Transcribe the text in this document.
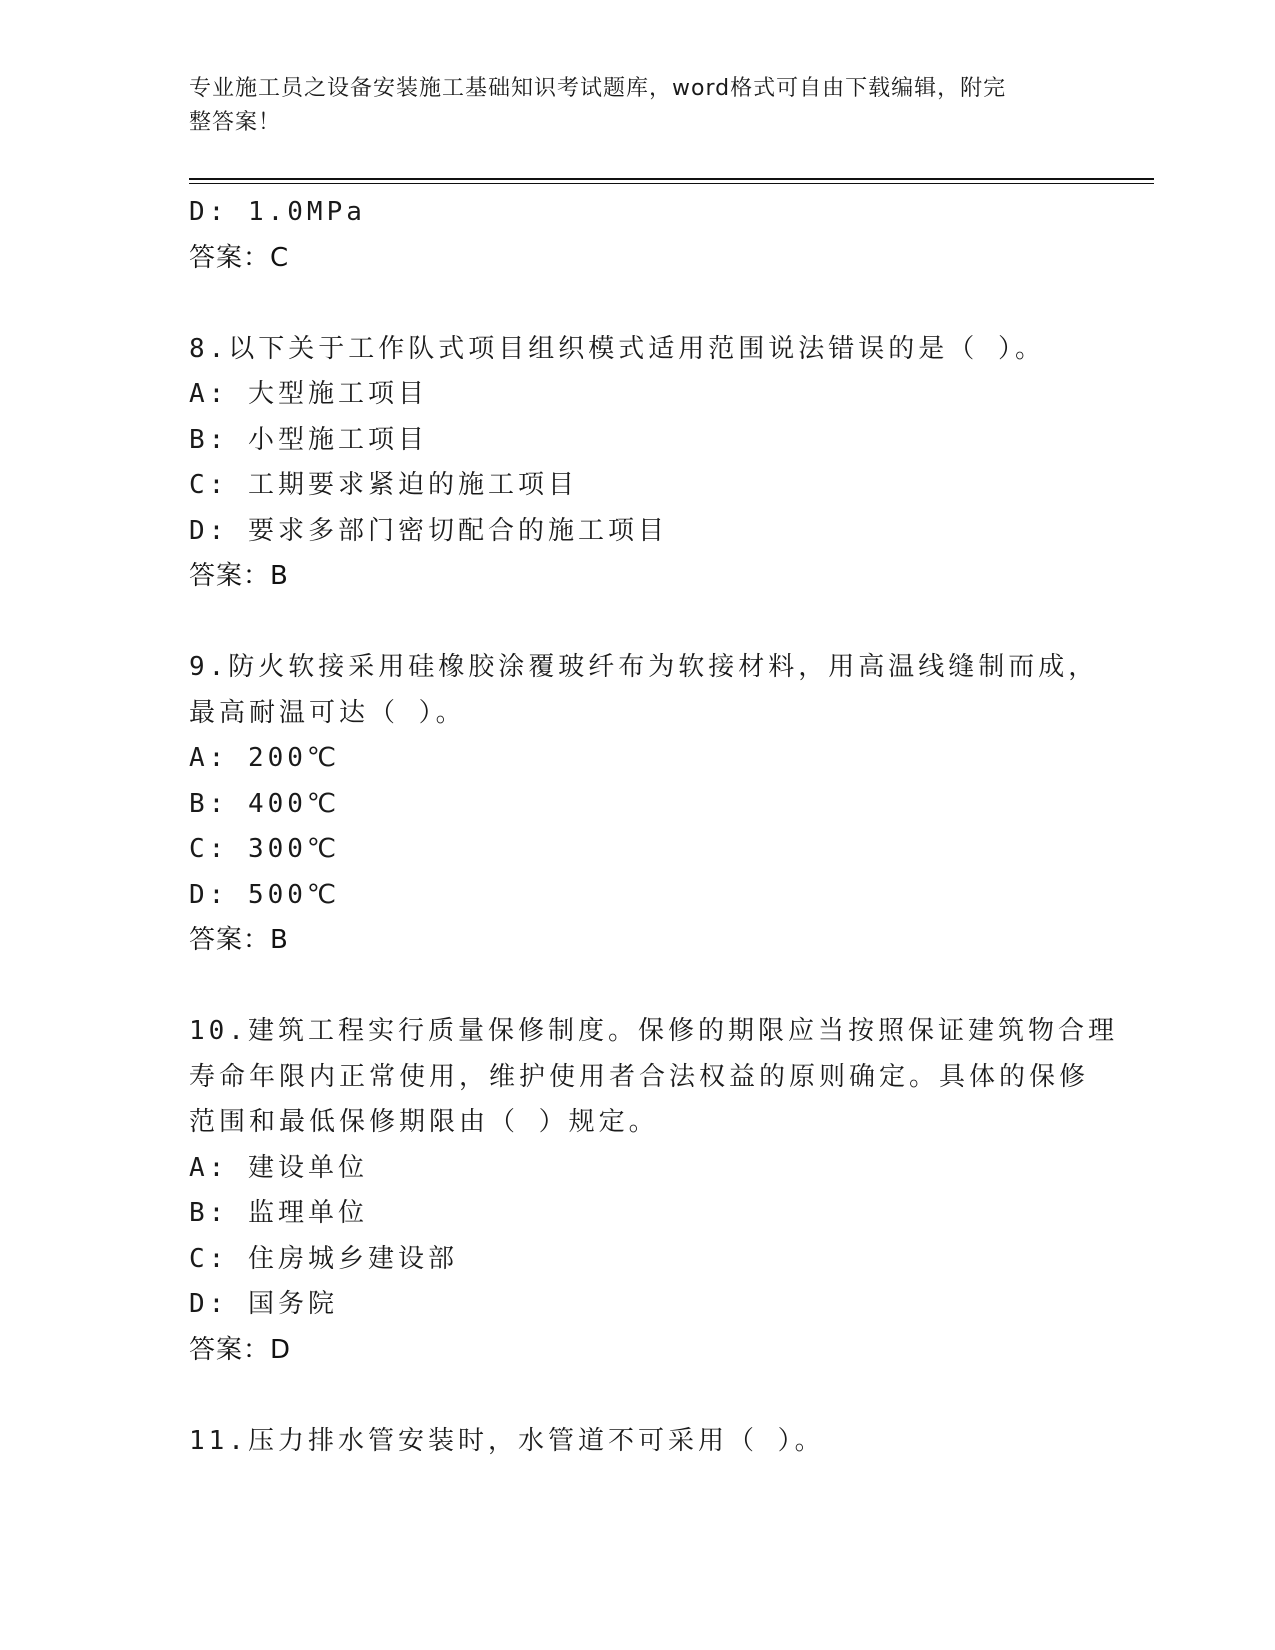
专业施工员之设备安装施工基础知识考试题库，word格式可自由下载编辑，附完
整答案！
D: 1.0MPa
答案：C
8.以下关于工作队式项目组织模式适用范围说法错误的是（ ）。
A: 大型施工项目
B: 小型施工项目
C: 工期要求紧迫的施工项目
D: 要求多部门密切配合的施工项目
答案：B
9.防火软接采用硅橡胶涂覆玻纤布为软接材料，用高温线缝制而成，
最高耐温可达（ ）。
A: 200℃
B: 400℃
C: 300℃
D: 500℃
答案：B
10.建筑工程实行质量保修制度。保修的期限应当按照保证建筑物合理
寿命年限内正常使用，维护使用者合法权益的原则确定。具体的保修
范围和最低保修期限由（ ）规定。
A: 建设单位
B: 监理单位
C: 住房城乡建设部
D: 国务院
答案：D
11.压力排水管安装时，水管道不可采用（ ）。
